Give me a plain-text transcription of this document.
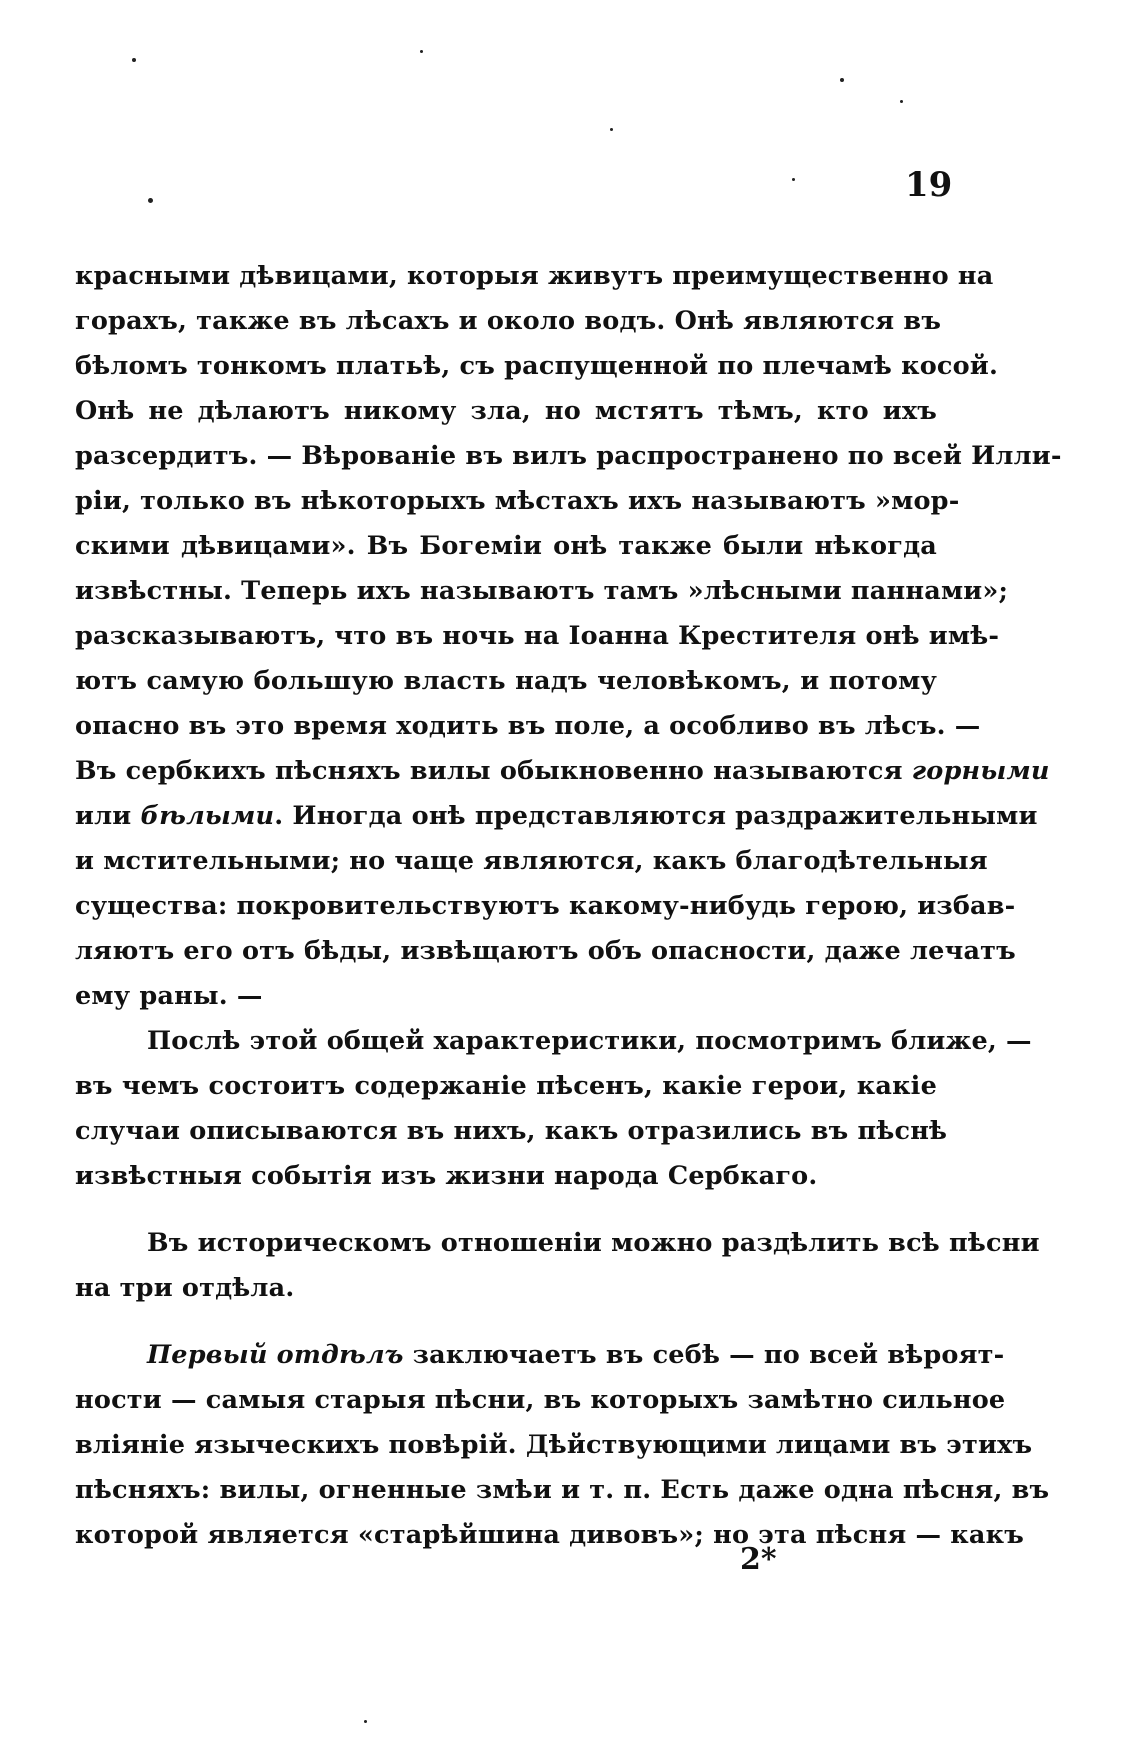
19
красными дѣвицами, которыя живутъ преимущественно на
горахъ, также въ лѣсахъ и около водъ. Онѣ являются въ
бѣломъ тонкомъ платьѣ, съ распущенной по плечамѣ косой.
Онѣ не дѣлаютъ никому зла, но мстятъ тѣмъ, кто ихъ
разсердитъ. — Вѣрованіе въ вилъ распространено по всей Илли-
ріи, только въ нѣкоторыхъ мѣстахъ ихъ называютъ »мор-
скими дѣвицами». Въ Богеміи онѣ также были нѣкогда
извѣстны. Теперь ихъ называютъ тамъ »лѣсными паннами»;
разсказываютъ, что въ ночь на Іоанна Крестителя онѣ имѣ-
ютъ самую большую власть надъ человѣкомъ, и потому
опасно въ это время ходить въ поле, а особливо въ лѣсъ. —
Въ сербкихъ пѣсняхъ вилы обыкновенно называются горными
или бѣлыми. Иногда онѣ представляются раздражительными
и мстительными; но чаще являются, какъ благодѣтельныя
существа: покровительствуютъ какому-нибудь герою, избав-
ляютъ его отъ бѣды, извѣщаютъ объ опасности, даже лечатъ
ему раны. —
Послѣ этой общей характеристики, посмотримъ ближе, —
въ чемъ состоитъ содержаніе пѣсенъ, какіе герои, какіе
случаи описываются въ нихъ, какъ отразились въ пѣснѣ
извѣстныя событія изъ жизни народа Сербкаго.
Въ историческомъ отношеніи можно раздѣлить всѣ пѣсни
на три отдѣла.
Первый отдѣлъ заключаетъ въ себѣ — по всей вѣроят-
ности — самыя старыя пѣсни, въ которыхъ замѣтно сильное
вліяніе языческихъ повѣрій. Дѣйствующими лицами въ этихъ
пѣсняхъ: вилы, огненные змѣи и т. п. Есть даже одна пѣсня, въ
которой является «старѣйшина дивовъ»; но эта пѣсня — какъ
2*
